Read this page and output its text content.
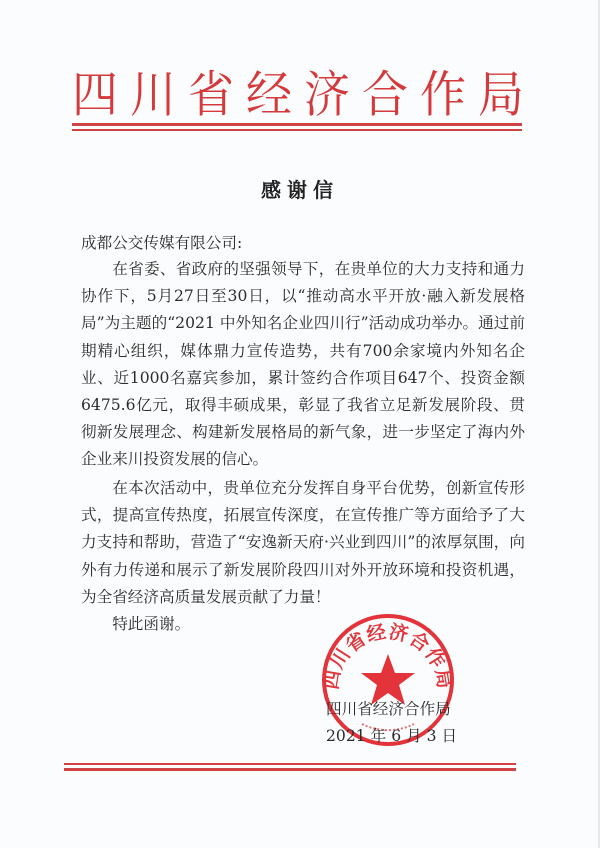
四 川 省 经 济 合 作 局
感谢信
成都公交传媒有限公司:

在省委、省政府的坚强领导下，在贵单位的大力支持和通力协作下，5月27日至30日，以“推动高水平开放·融入新发展格局”为主题的“2021 中外知名企业四川行”活动成功举办。通过前期精心组织，媒体鼎力宣传造势，共有700余家境内外知名企业、近1000名嘉宾参加，累计签约合作项目647个、投资金额6475.6亿元，取得丰硕成果，彰显了我省立足新发展阶段、贯彻新发展理念、构建新发展格局的新气象，进一步坚定了海内外企业来川投资发展的信心。

在本次活动中，贵单位充分发挥自身平台优势，创新宣传形式，提高宣传热度，拓展宣传深度，在宣传推广等方面给予了大力支持和帮助，营造了“安逸新天府·兴业到四川”的浓厚氛围，向外有力传递和展示了新发展阶段四川对外开放环境和投资机遇，为全省经济高质量发展贡献了力量！

特此函谢。

四川省经济合作局
四川省经济合作局
2021 年 6 月 3 日
